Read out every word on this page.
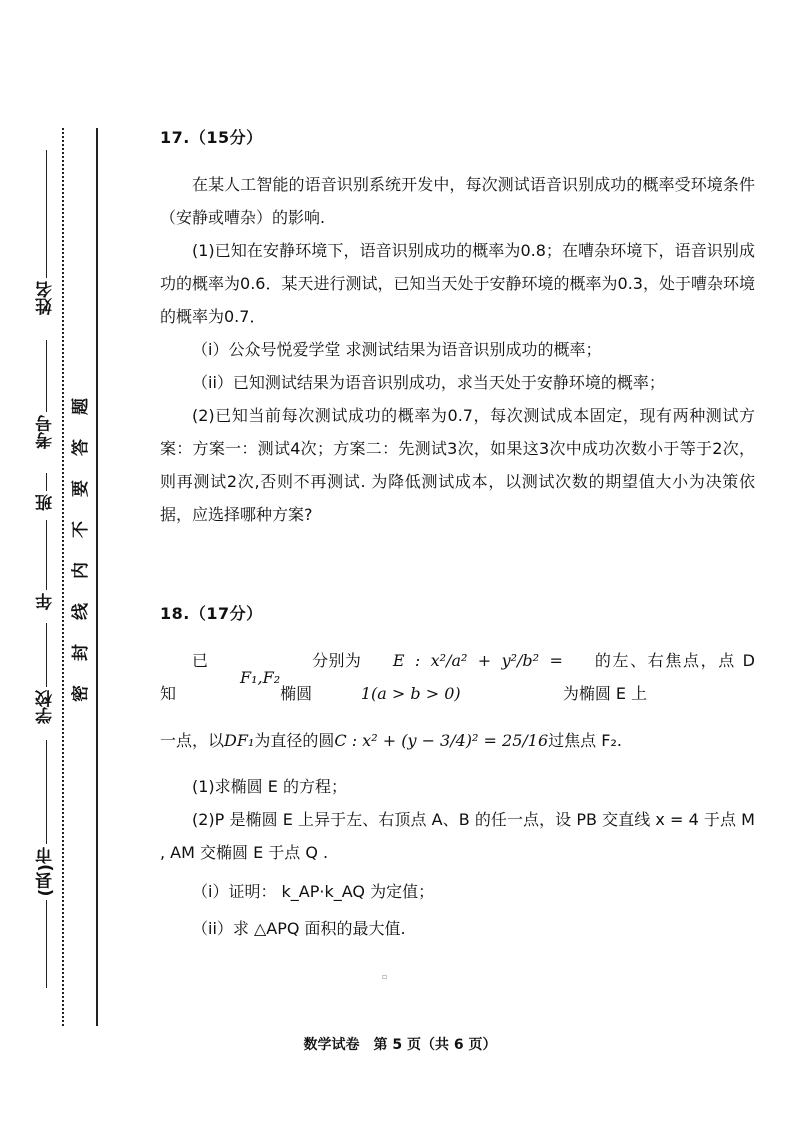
姓名
考号
班
年
学校
(县)市
题
答
要
不
内
线
封
密
17.（15分）

在某人工智能的语音识别系统开发中，每次测试语音识别成功的概率受环境条件（安静或嘈杂）的影响.

(1)已知在安静环境下，语音识别成功的概率为0.8；在嘈杂环境下，语音识别成功的概率为0.6．某天进行测试，已知当天处于安静环境的概率为0.3，处于嘈杂环境的概率为0.7．

（i）公众号悦爱学堂 求测试结果为语音识别成功的概率；

（ii）已知测试结果为语音识别成功，求当天处于安静环境的概率；

(2)已知当前每次测试成功的概率为0.7，每次测试成本固定，现有两种测试方案：方案一：测试4次；方案二：先测试3次，如果这3次中成功次数小于等于2次，则再测试2次,否则不再测试. 为降低测试成本，以测试次数的期望值大小为决策依据，应选择哪种方案?

18.（17分）

已知
F₁,F₂
分别为椭圆
E : x²/a² + y²/b² = 1(a > b > 0)
的左、右焦点，点 D 为椭圆 E 上

一点，以 DF₁ 为直径的圆 C : x² + (y − 3/4)² = 25/16 过焦点 F₂.

(1)求椭圆 E 的方程；

(2)P 是椭圆 E 上异于左、右顶点 A、B 的任一点，设 PB 交直线 x = 4 于点 M , AM 交椭圆 E 于点 Q .

（i）证明： k_AP·k_AQ 为定值；

（ii）求 △APQ 面积的最大值.

▫
数学试卷　第 5 页（共 6 页）
